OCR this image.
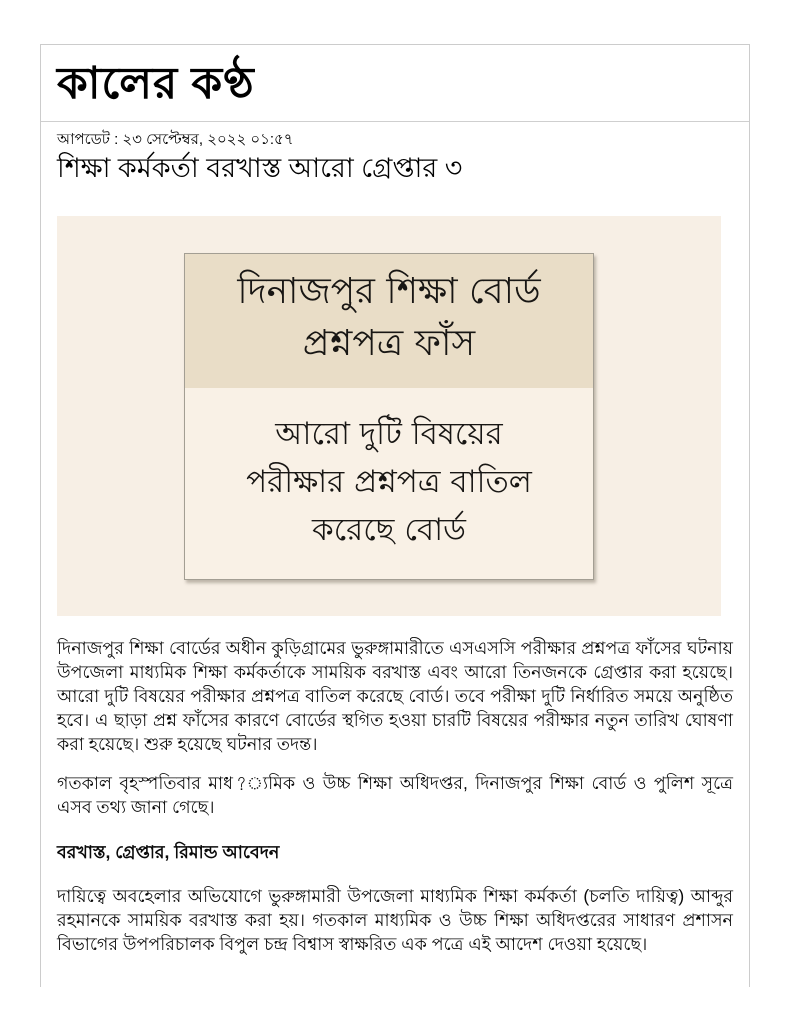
কালের কণ্ঠ
আপডেট : ২৩ সেপ্টেম্বর, ২০২২ ০১:৫৭
শিক্ষা কর্মকর্তা বরখাস্ত আরো গ্রেপ্তার ৩
দিনাজপুর শিক্ষা বোর্ড
প্রশ্নপত্র ফাঁস
আরো দুটি বিষয়ের
পরীক্ষার প্রশ্নপত্র বাতিল
করেছে বোর্ড

দিনাজপুর শিক্ষা বোর্ডের অধীন কুড়িগ্রামের ভুরুঙ্গামারীতে এসএসসি পরীক্ষার প্রশ্নপত্র ফাঁসের ঘটনায় উপজেলা মাধ্যমিক শিক্ষা কর্মকর্তাকে সাময়িক বরখাস্ত এবং আরো তিনজনকে গ্রেপ্তার করা হয়েছে। আরো দুটি বিষয়ের পরীক্ষার প্রশ্নপত্র বাতিল করেছে বোর্ড। তবে পরীক্ষা দুটি নির্ধারিত সময়ে অনুষ্ঠিত হবে। এ ছাড়া প্রশ্ন ফাঁসের কারণে বোর্ডের স্থগিত হওয়া চারটি বিষয়ের পরীক্ষার নতুন তারিখ ঘোষণা করা হয়েছে। শুরু হয়েছে ঘটনার তদন্ত।

গতকাল বৃহস্পতিবার মাধ?্যমিক ও উচ্চ শিক্ষা অধিদপ্তর, দিনাজপুর শিক্ষা বোর্ড ও পুলিশ সূত্রে এসব তথ্য জানা গেছে।

বরখাস্ত, গ্রেপ্তার, রিমান্ড আবেদন

দায়িত্বে অবহেলার অভিযোগে ভুরুঙ্গামারী উপজেলা মাধ্যমিক শিক্ষা কর্মকর্তা (চলতি দায়িত্ব) আব্দুর রহমানকে সাময়িক বরখাস্ত করা হয়। গতকাল মাধ্যমিক ও উচ্চ শিক্ষা অধিদপ্তরের সাধারণ প্রশাসন বিভাগের উপপরিচালক বিপুল চন্দ্র বিশ্বাস স্বাক্ষরিত এক পত্রে এই আদেশ দেওয়া হয়েছে।
